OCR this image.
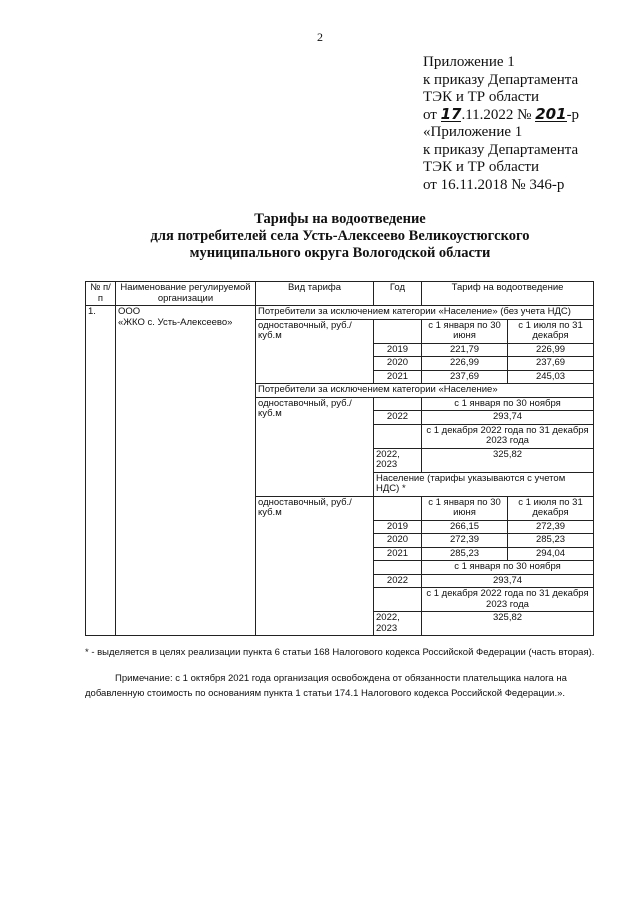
2
Приложение 1
к приказу Департамента
ТЭК и ТР области
от 17.11.2022 № 201-р
«Приложение 1
к приказу Департамента
ТЭК и ТР области
от 16.11.2018 № 346-р
Тарифы на водоотведение
для потребителей села Усть-Алексеево Великоустюгского
муниципального округа Вологодской области
№ п/п	Наименование регулируемой организации	Вид тарифа	Год	Тариф на водоотведение	
1.	ООО
«ЖКО с. Усть-Алексеево»	Потребители за исключением категории «Население» (без учета НДС)			
		одноставочный, руб./куб.м		с 1 января по 30 июня	с 1 июля по 31 декабря
			2019	221,79	226,99
			2020	226,99	237,69
			2021	237,69	245,03
		Потребители за исключением категории «Население»			
		одноставочный, руб./куб.м		с 1 января по 30 ноября	
			2022	293,74	
				с 1 декабря 2022 года по 31 декабря 2023 года	
			2022, 2023	325,82	
			Население (тарифы указываются с учетом НДС) *		
		одноставочный, руб./куб.м		с 1 января по 30 июня	с 1 июля по 31 декабря
			2019	266,15	272,39
			2020	272,39	285,23
			2021	285,23	294,04
				с 1 января по 30 ноября	
			2022	293,74	
				с 1 декабря 2022 года по 31 декабря 2023 года	
			2022, 2023	325,82	
* - выделяется в целях реализации пункта 6 статьи 168 Налогового кодекса Российской Федерации (часть вторая).
Примечание: с 1 октября 2021 года организация освобождена от обязанности плательщика налога на добавленную стоимость по основаниям пункта 1 статьи 174.1 Налогового кодекса Российской Федерации.».
